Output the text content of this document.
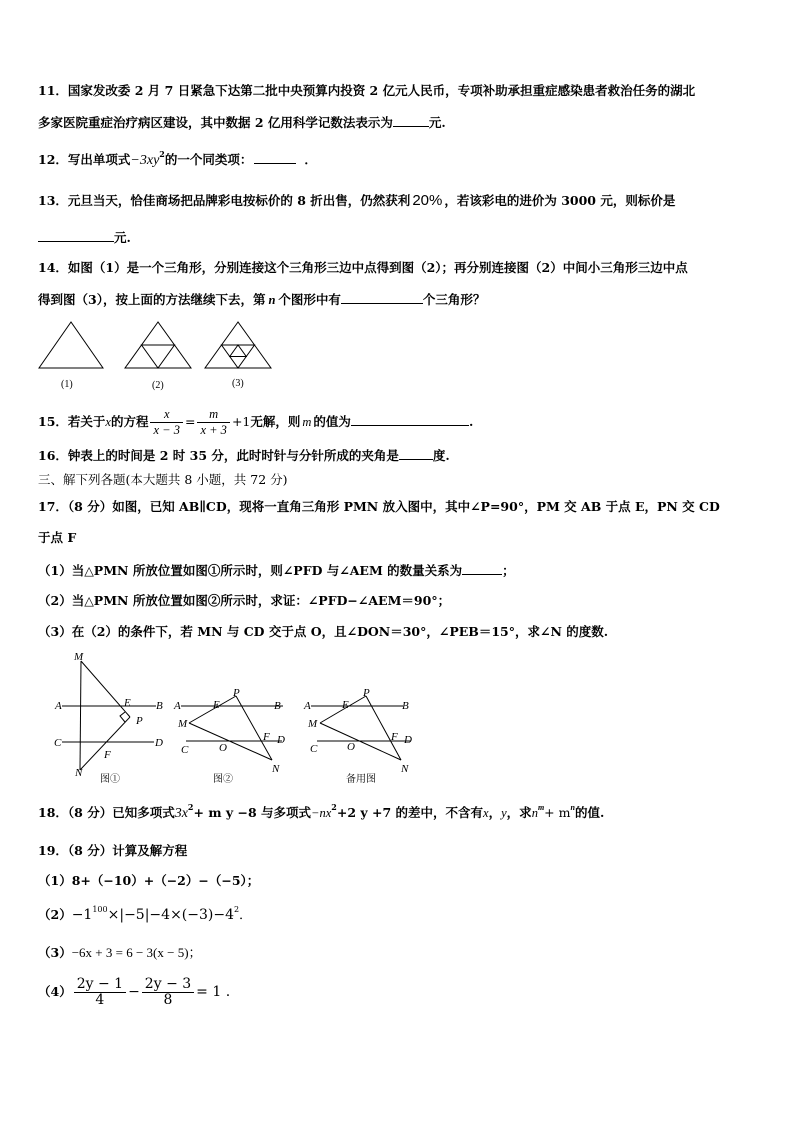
11．国家发改委 2 月 7 日紧急下达第二批中央预算内投资 2 亿元人民币，专项补助承担重症感染患者救治任务的湖北
多家医院重症治疗病区建设，其中数据 2 亿用科学记数法表示为	元.
12．写出单项式$-3xy^2$的一个同类项：	．
13．元旦当天，恰佳商场把品牌彩电按标价的 8 折出售，仍然获利 20% ，若该彩电的进价为 3000 元，则标价是
元.
14．如图（1）是一个三角形，分别连接这个三角形三边中点得到图（2）；再分别连接图（2）中间小三角形三边中点
得到图（3），按上面的方法继续下去，第 n 个图形中有	个三角形？
(1)	(2)	(3)
15．若关于x的方程 $\frac{x}{x - 3} = \frac{m}{x + 3} +1$无解，则 m 的值为	.
16．钟表上的时间是 2 时 35 分，此时时针与分针所成的夹角是	度.
三、解下列各题(本大题共 8 小题，共 72 分)
17．（8 分）如图，已知 AB∥CD，现将一直角三角形 PMN 放入图中，其中∠P=90°，PM 交 AB 于点 E，PN 交 CD
于点 F
（1）当△PMN 所放位置如图①所示时，则∠PFD 与∠AEM 的数量关系为	；
（2）当△PMN 所放位置如图②所示时，求证：∠PFD−∠AEM＝90°；
（3）在（2）的条件下，若 MN 与 CD 交于点 O，且∠DON＝30°，∠PEB＝15°，求∠N 的度数.
M
A	B
E
P
C	D
F
N
P
A	E	B
M
C	O
F D
N
P
A	E	B
M
C	O
F D
N
图①	图②	备用图
18．（8 分）已知多项式$3x^2+ m$ y −8 与多项式$-nx^2+2$ y +7 的差中，不含有x，y，求$n^m+ m^n$的值.
19．（8 分）计算及解方程
（1）8+（−10）+（−2）−（−5）；
$(2)-1^{100}\times|-5|-4\times(-3)-4^2$．
（3）−6x + 3 = 6 − 3(x − 5)；
$(4) \frac{2y - 1}{4} - \frac{2y - 3}{8} = 1$ .
